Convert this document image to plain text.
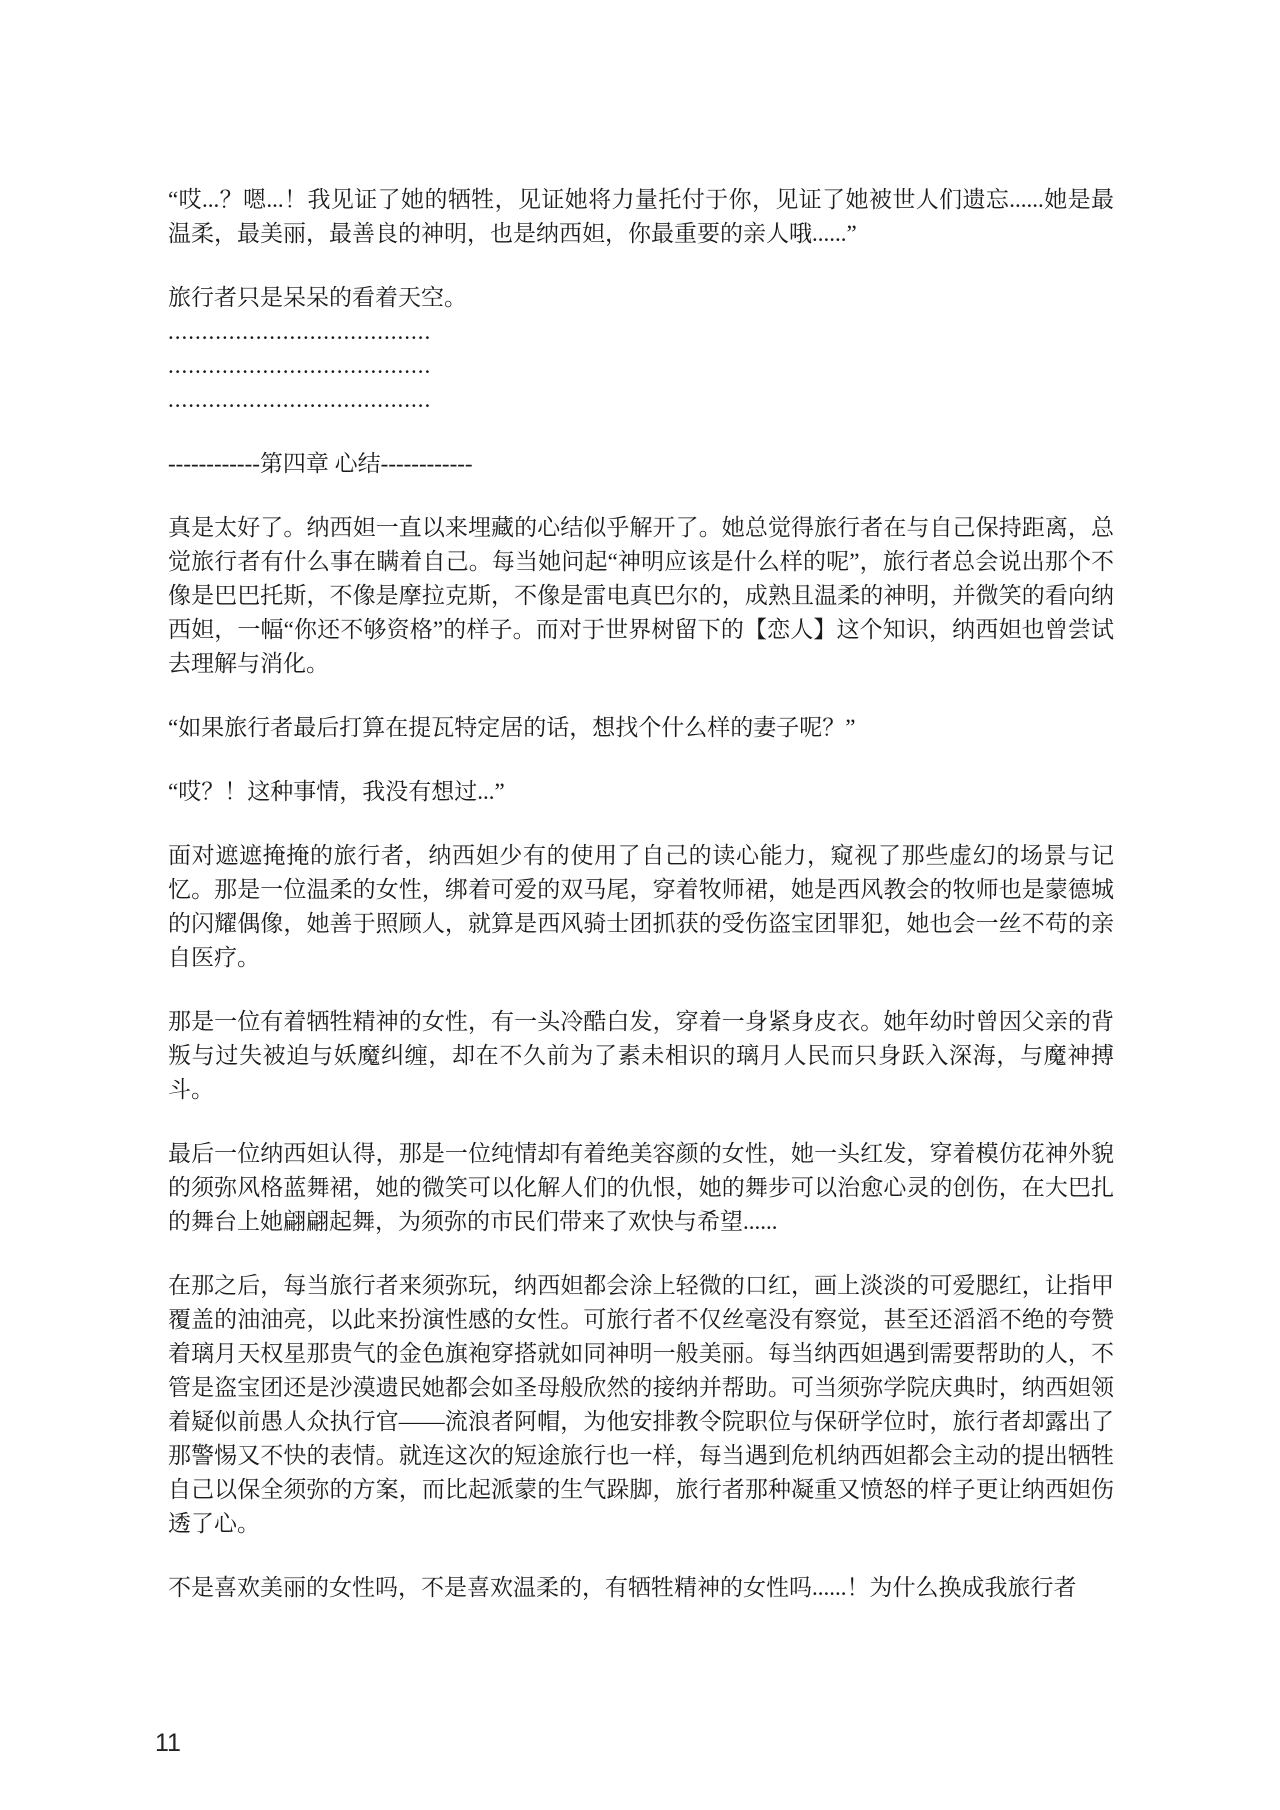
“哎...？嗯...！我见证了她的牺牲，见证她将力量托付于你，见证了她被世人们遗忘......她是最温柔，最美丽，最善良的神明，也是纳西妲，你最重要的亲人哦......”

旅行者只是呆呆的看着天空。

.......................................

.......................................

.......................................

------------第四章 心结------------

真是太好了。纳西妲一直以来埋藏的心结似乎解开了。她总觉得旅行者在与自己保持距离，总觉旅行者有什么事在瞒着自己。每当她问起“神明应该是什么样的呢”，旅行者总会说出那个不像是巴巴托斯，不像是摩拉克斯，不像是雷电真巴尔的，成熟且温柔的神明，并微笑的看向纳西妲，一幅“你还不够资格”的样子。而对于世界树留下的【恋人】这个知识，纳西妲也曾尝试去理解与消化。

“如果旅行者最后打算在提瓦特定居的话，想找个什么样的妻子呢？”

“哎？！这种事情，我没有想过...”

面对遮遮掩掩的旅行者，纳西妲少有的使用了自己的读心能力，窥视了那些虚幻的场景与记忆。那是一位温柔的女性，绑着可爱的双马尾，穿着牧师裙，她是西风教会的牧师也是蒙德城的闪耀偶像，她善于照顾人，就算是西风骑士团抓获的受伤盗宝团罪犯，她也会一丝不苟的亲自医疗。

那是一位有着牺牲精神的女性，有一头冷酷白发，穿着一身紧身皮衣。她年幼时曾因父亲的背叛与过失被迫与妖魔纠缠，却在不久前为了素未相识的璃月人民而只身跃入深海，与魔神搏斗。

最后一位纳西妲认得，那是一位纯情却有着绝美容颜的女性，她一头红发，穿着模仿花神外貌的须弥风格蓝舞裙，她的微笑可以化解人们的仇恨，她的舞步可以治愈心灵的创伤，在大巴扎的舞台上她翩翩起舞，为须弥的市民们带来了欢快与希望......

在那之后，每当旅行者来须弥玩，纳西妲都会涂上轻微的口红，画上淡淡的可爱腮红，让指甲覆盖的油油亮，以此来扮演性感的女性。可旅行者不仅丝毫没有察觉，甚至还滔滔不绝的夸赞着璃月天权星那贵气的金色旗袍穿搭就如同神明一般美丽。每当纳西妲遇到需要帮助的人，不管是盗宝团还是沙漠遗民她都会如圣母般欣然的接纳并帮助。可当须弥学院庆典时，纳西妲领着疑似前愚人众执行官——流浪者阿帽，为他安排教令院职位与保研学位时，旅行者却露出了那警惕又不快的表情。就连这次的短途旅行也一样，每当遇到危机纳西妲都会主动的提出牺牲自己以保全须弥的方案，而比起派蒙的生气跺脚，旅行者那种凝重又愤怒的样子更让纳西妲伤透了心。

不是喜欢美丽的女性吗，不是喜欢温柔的，有牺牲精神的女性吗......！为什么换成我旅行者

11
